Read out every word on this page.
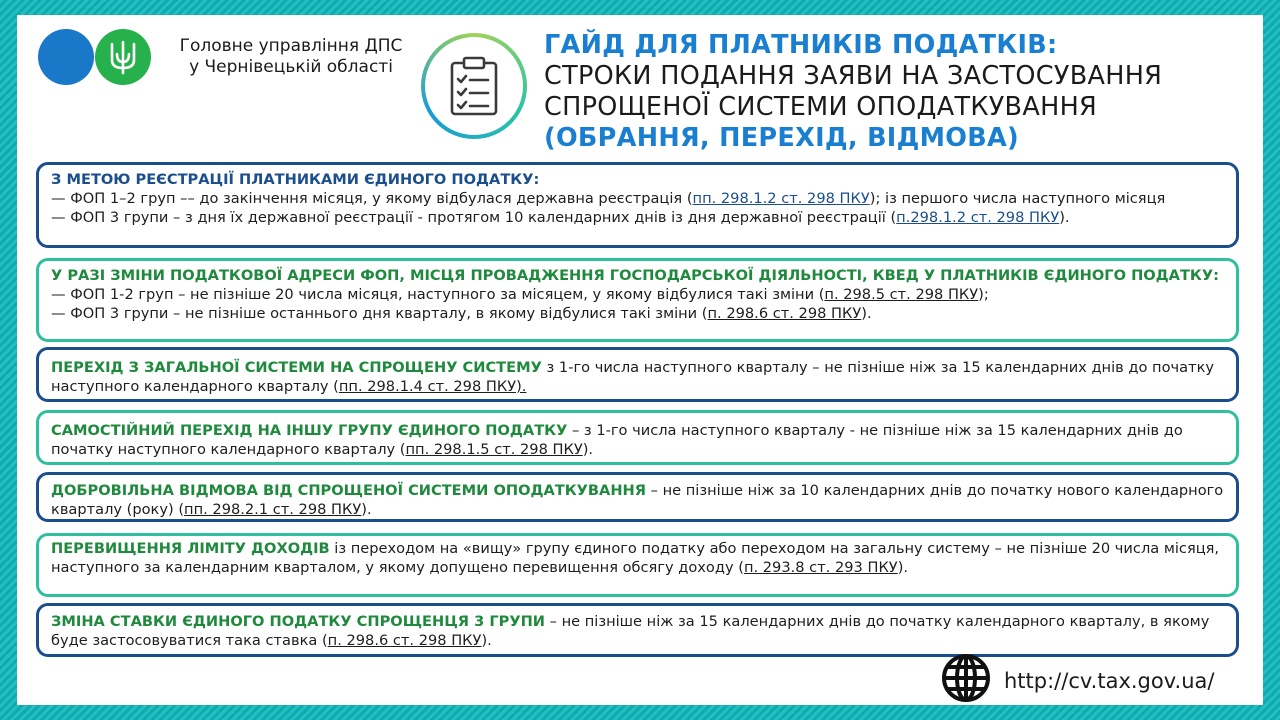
Головне управління ДПС
у Чернівецькій області
ГАЙД ДЛЯ ПЛАТНИКІВ ПОДАТКІВ:
СТРОКИ ПОДАННЯ ЗАЯВИ НА ЗАСТОСУВАННЯ
СПРОЩЕНОЇ СИСТЕМИ ОПОДАТКУВАННЯ
(ОБРАННЯ, ПЕРЕХІД, ВІДМОВА)
З МЕТОЮ РЕЄСТРАЦІЇ ПЛАТНИКАМИ ЄДИНОГО ПОДАТКУ:
— ФОП 1–2 груп –– до закінчення місяця, у якому відбулася державна реєстрація (пп. 298.1.2 ст. 298 ПКУ); із першого числа наступного місяця
— ФОП 3 групи – з дня їх державної реєстрації - протягом 10 календарних днів із дня державної реєстрації (п.298.1.2 ст. 298 ПКУ).
У РАЗІ ЗМІНИ ПОДАТКОВОЇ АДРЕСИ ФОП, МІСЦЯ ПРОВАДЖЕННЯ ГОСПОДАРСЬКОЇ ДІЯЛЬНОСТІ, КВЕД У ПЛАТНИКІВ ЄДИНОГО ПОДАТКУ:
— ФОП 1-2 груп – не пізніше 20 числа місяця, наступного за місяцем, у якому відбулися такі зміни (п. 298.5 ст. 298 ПКУ);
— ФОП 3 групи – не пізніше останнього дня кварталу, в якому відбулися такі зміни (п. 298.6 ст. 298 ПКУ).
ПЕРЕХІД З ЗАГАЛЬНОЇ СИСТЕМИ НА СПРОЩЕНУ СИСТЕМУ з 1-го числа наступного кварталу – не пізніше ніж за 15 календарних днів до початку наступного календарного кварталу (пп. 298.1.4 ст. 298 ПКУ).
САМОСТІЙНИЙ ПЕРЕХІД НА ІНШУ ГРУПУ ЄДИНОГО ПОДАТКУ – з 1-го числа наступного кварталу - не пізніше ніж за 15 календарних днів до початку наступного календарного кварталу (пп. 298.1.5 ст. 298 ПКУ).
ДОБРОВІЛЬНА ВІДМОВА ВІД СПРОЩЕНОЇ СИСТЕМИ ОПОДАТКУВАННЯ – не пізніше ніж за 10 календарних днів до початку нового календарного кварталу (року) (пп. 298.2.1 ст. 298 ПКУ).
ПЕРЕВИЩЕННЯ ЛІМІТУ ДОХОДІВ із переходом на «вищу» групу єдиного податку або переходом на загальну систему – не пізніше 20 числа місяця, наступного за календарним кварталом, у якому допущено перевищення обсягу доходу (п. 293.8 ст. 293 ПКУ).
ЗМІНА СТАВКИ ЄДИНОГО ПОДАТКУ СПРОЩЕНЦЯ 3 ГРУПИ – не пізніше ніж за 15 календарних днів до початку календарного кварталу, в якому буде застосовуватися така ставка (п. 298.6 ст. 298 ПКУ).
http://cv.tax.gov.ua/
